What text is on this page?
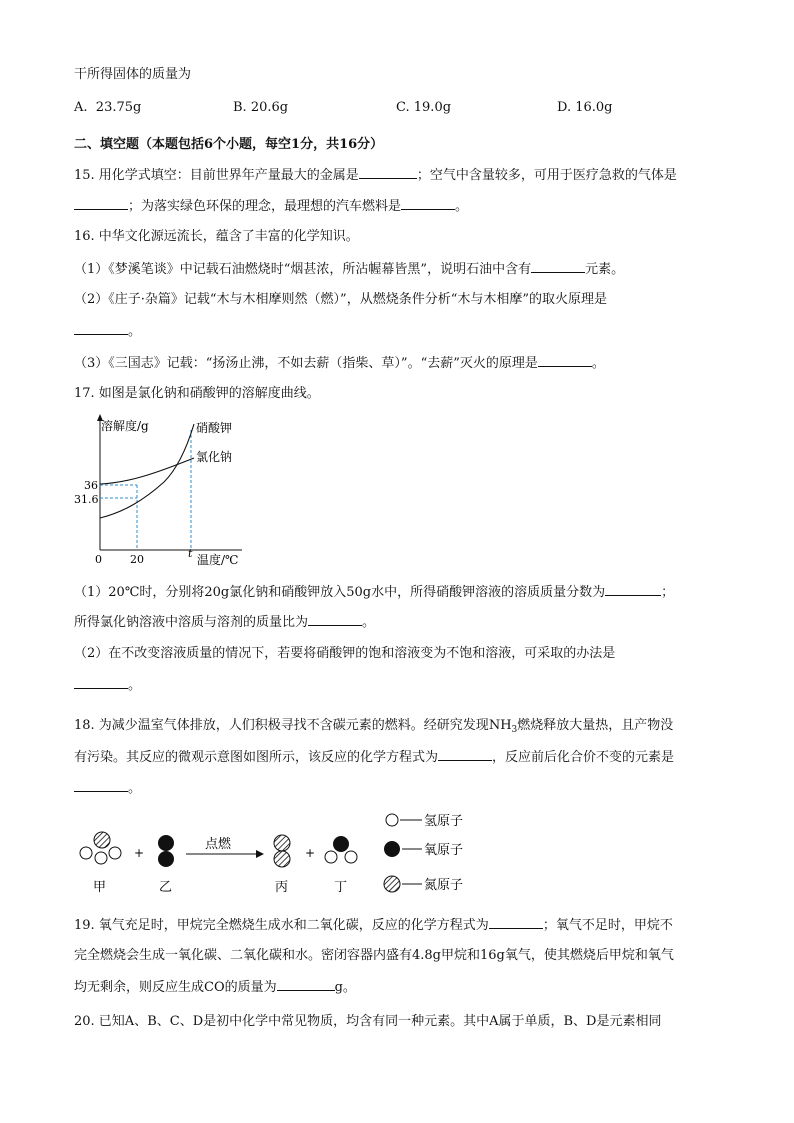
干所得固体的质量为
A. 23.75g	B. 20.6g	C. 19.0g	D. 16.0g
二、填空题（本题包括6个小题，每空1分，共16分）
15. 用化学式填空：目前世界年产量最大的金属是	；空气中含量较多，可用于医疗急救的气体是
；为落实绿色环保的理念，最理想的汽车燃料是	。
16. 中华文化源远流长，蕴含了丰富的化学知识。
（1）《梦溪笔谈》中记载石油燃烧时“烟甚浓，所沾幄幕皆黑”，说明石油中含有	元素。
（2）《庄子·杂篇》记载“木与木相摩则然（燃）”，从燃烧条件分析“木与木相摩”的取火原理是
。
（3）《三国志》记载：“扬汤止沸，不如去薪（指柴、草）”。“去薪”灭火的原理是	。
17. 如图是氯化钠和硝酸钾的溶解度曲线。
溶解度/g	硝酸钾
氯化钠
36
31.6
0	20	t 温度/℃
（1）20℃时，分别将20g氯化钠和硝酸钾放入50g水中，所得硝酸钾溶液的溶质质量分数为	；
所得氯化钠溶液中溶质与溶剂的质量比为	。
（2）在不改变溶液质量的情况下，若要将硝酸钾的饱和溶液变为不饱和溶液，可采取的办法是
。
18. 为减少温室气体排放，人们积极寻找不含碳元素的燃料。经研究发现$NH_3$燃烧释放大量热，且产物没
有污染。其反应的微观示意图如图所示，该反应的化学方程式为	，反应前后化合价不变的元素是
。
+
点燃
+
甲	乙	丙	丁
氢原子
氧原子
氮原子
19. 氧气充足时，甲烷完全燃烧生成水和二氧化碳，反应的化学方程式为	；氧气不足时，甲烷不
完全燃烧会生成一氧化碳、二氧化碳和水。密闭容器内盛有4.8g甲烷和16g氧气，使其燃烧后甲烷和氧气
均无剩余，则反应生成CO的质量为	g。
20. 已知A、B、C、D是初中化学中常见物质，均含有同一种元素。其中A属于单质，B、D是元素相同
